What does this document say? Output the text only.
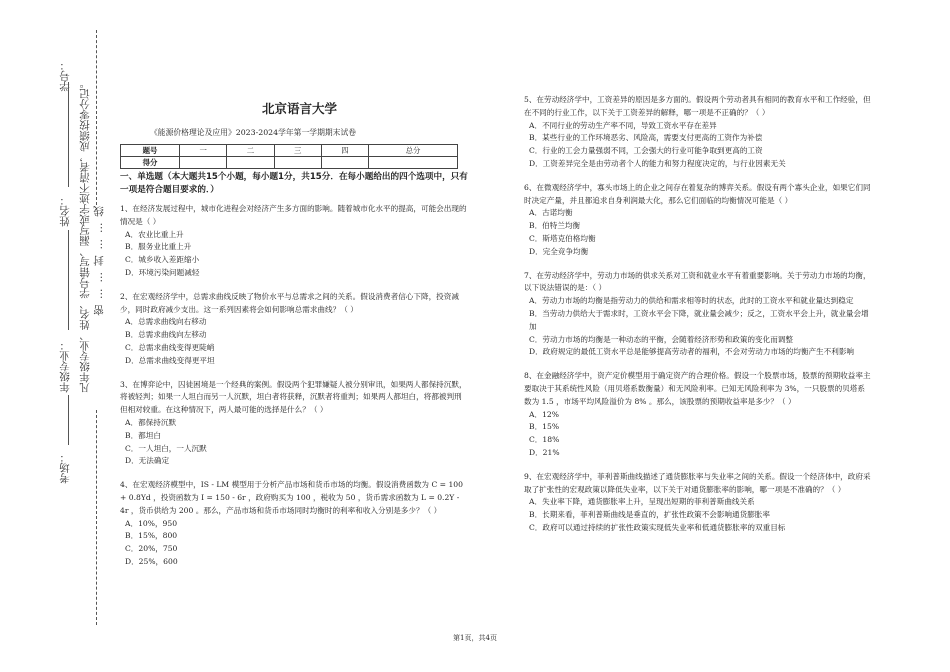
学号：
姓名：
年级专业：
考场：
凡年级专业、姓名、学号错写、漏写或字迹不清者，成绩按零分记。 密……封……线
北京语言大学
《能源价格理论及应用》2023-2024学年第一学期期末试卷
题号	一	二	三	四	总分
得分					
一、单选题（本大题共15个小题，每小题1分，共15分．在每小题给出的四个选项中，只有一项是符合题目要求的．）

1、在经济发展过程中，城市化进程会对经济产生多方面的影响。随着城市化水平的提高，可能会出现的情况是（ ）

A．农业比重上升

B．服务业比重上升

C．城乡收入差距缩小

D．环境污染问题减轻

2、在宏观经济学中，总需求曲线反映了物价水平与总需求之间的关系。假设消费者信心下降，投资减少，同时政府减少支出。这一系列因素将会如何影响总需求曲线？（ ）

A．总需求曲线向右移动

B．总需求曲线向左移动

C．总需求曲线变得更陡峭

D．总需求曲线变得更平坦

3、在博弈论中，囚徒困境是一个经典的案例。假设两个犯罪嫌疑人被分别审讯，如果两人都保持沉默，将被轻判；如果一人坦白而另一人沉默，坦白者将获释，沉默者将重判；如果两人都坦白，将都被判刑但相对较重。在这种情况下，两人最可能的选择是什么？（ ）

A．都保持沉默

B．都坦白

C．一人坦白，一人沉默

D．无法确定

4、在宏观经济模型中，IS - LM 模型用于分析产品市场和货币市场的均衡。假设消费函数为 C = 100 + 0.8Yd ，投资函数为 I = 150 - 6r ，政府购买为 100 ，税收为 50 ，货币需求函数为 L = 0.2Y - 4r ，货币供给为 200 。那么，产品市场和货币市场同时均衡时的利率和收入分别是多少？（ ）

A．10%，950

B．15%，800

C．20%，750

D．25%，600

5、在劳动经济学中，工资差异的原因是多方面的。假设两个劳动者具有相同的教育水平和工作经验，但在不同的行业工作，以下关于工资差异的解释，哪一项是不正确的？（ ）

A．不同行业的劳动生产率不同，导致工资水平存在差异

B．某些行业的工作环境恶劣、风险高，需要支付更高的工资作为补偿

C．行业的工会力量强弱不同，工会强大的行业可能争取到更高的工资

D．工资差异完全是由劳动者个人的能力和努力程度决定的，与行业因素无关

6、在微观经济学中，寡头市场上的企业之间存在着复杂的博弈关系。假设有两个寡头企业，如果它们同时决定产量，并且都追求自身利润最大化，那么它们面临的均衡情况可能是（ ）

A．古诺均衡

B．伯特兰均衡

C．斯塔克伯格均衡

D．完全竞争均衡

7、在劳动经济学中，劳动力市场的供求关系对工资和就业水平有着重要影响。关于劳动力市场的均衡，以下说法错误的是：（ ）

A．劳动力市场的均衡是指劳动力的供给和需求相等时的状态，此时的工资水平和就业量达到稳定

B．当劳动力供给大于需求时，工资水平会下降，就业量会减少；反之，工资水平会上升，就业量会增加

C．劳动力市场的均衡是一种动态的平衡，会随着经济形势和政策的变化而调整

D．政府规定的最低工资水平总是能够提高劳动者的福利，不会对劳动力市场的均衡产生不利影响

8、在金融经济学中，资产定价模型用于确定资产的合理价格。假设一个股票市场，股票的预期收益率主要取决于其系统性风险（用贝塔系数衡量）和无风险利率。已知无风险利率为 3%，一只股票的贝塔系数为 1.5 ，市场平均风险溢价为 8% 。那么，该股票的预期收益率是多少？（ ）

A．12%

B．15%

C．18%

D．21%

9、在宏观经济学中，菲利普斯曲线描述了通货膨胀率与失业率之间的关系。假设一个经济体中，政府采取了扩张性的宏观政策以降低失业率，以下关于对通货膨胀率的影响，哪一项是不准确的？（ ）

A．失业率下降，通货膨胀率上升，呈现出短期的菲利普斯曲线关系

B．长期来看，菲利普斯曲线是垂直的，扩张性政策不会影响通货膨胀率

C．政府可以通过持续的扩张性政策实现低失业率和低通货膨胀率的双重目标

第1页，共4页
